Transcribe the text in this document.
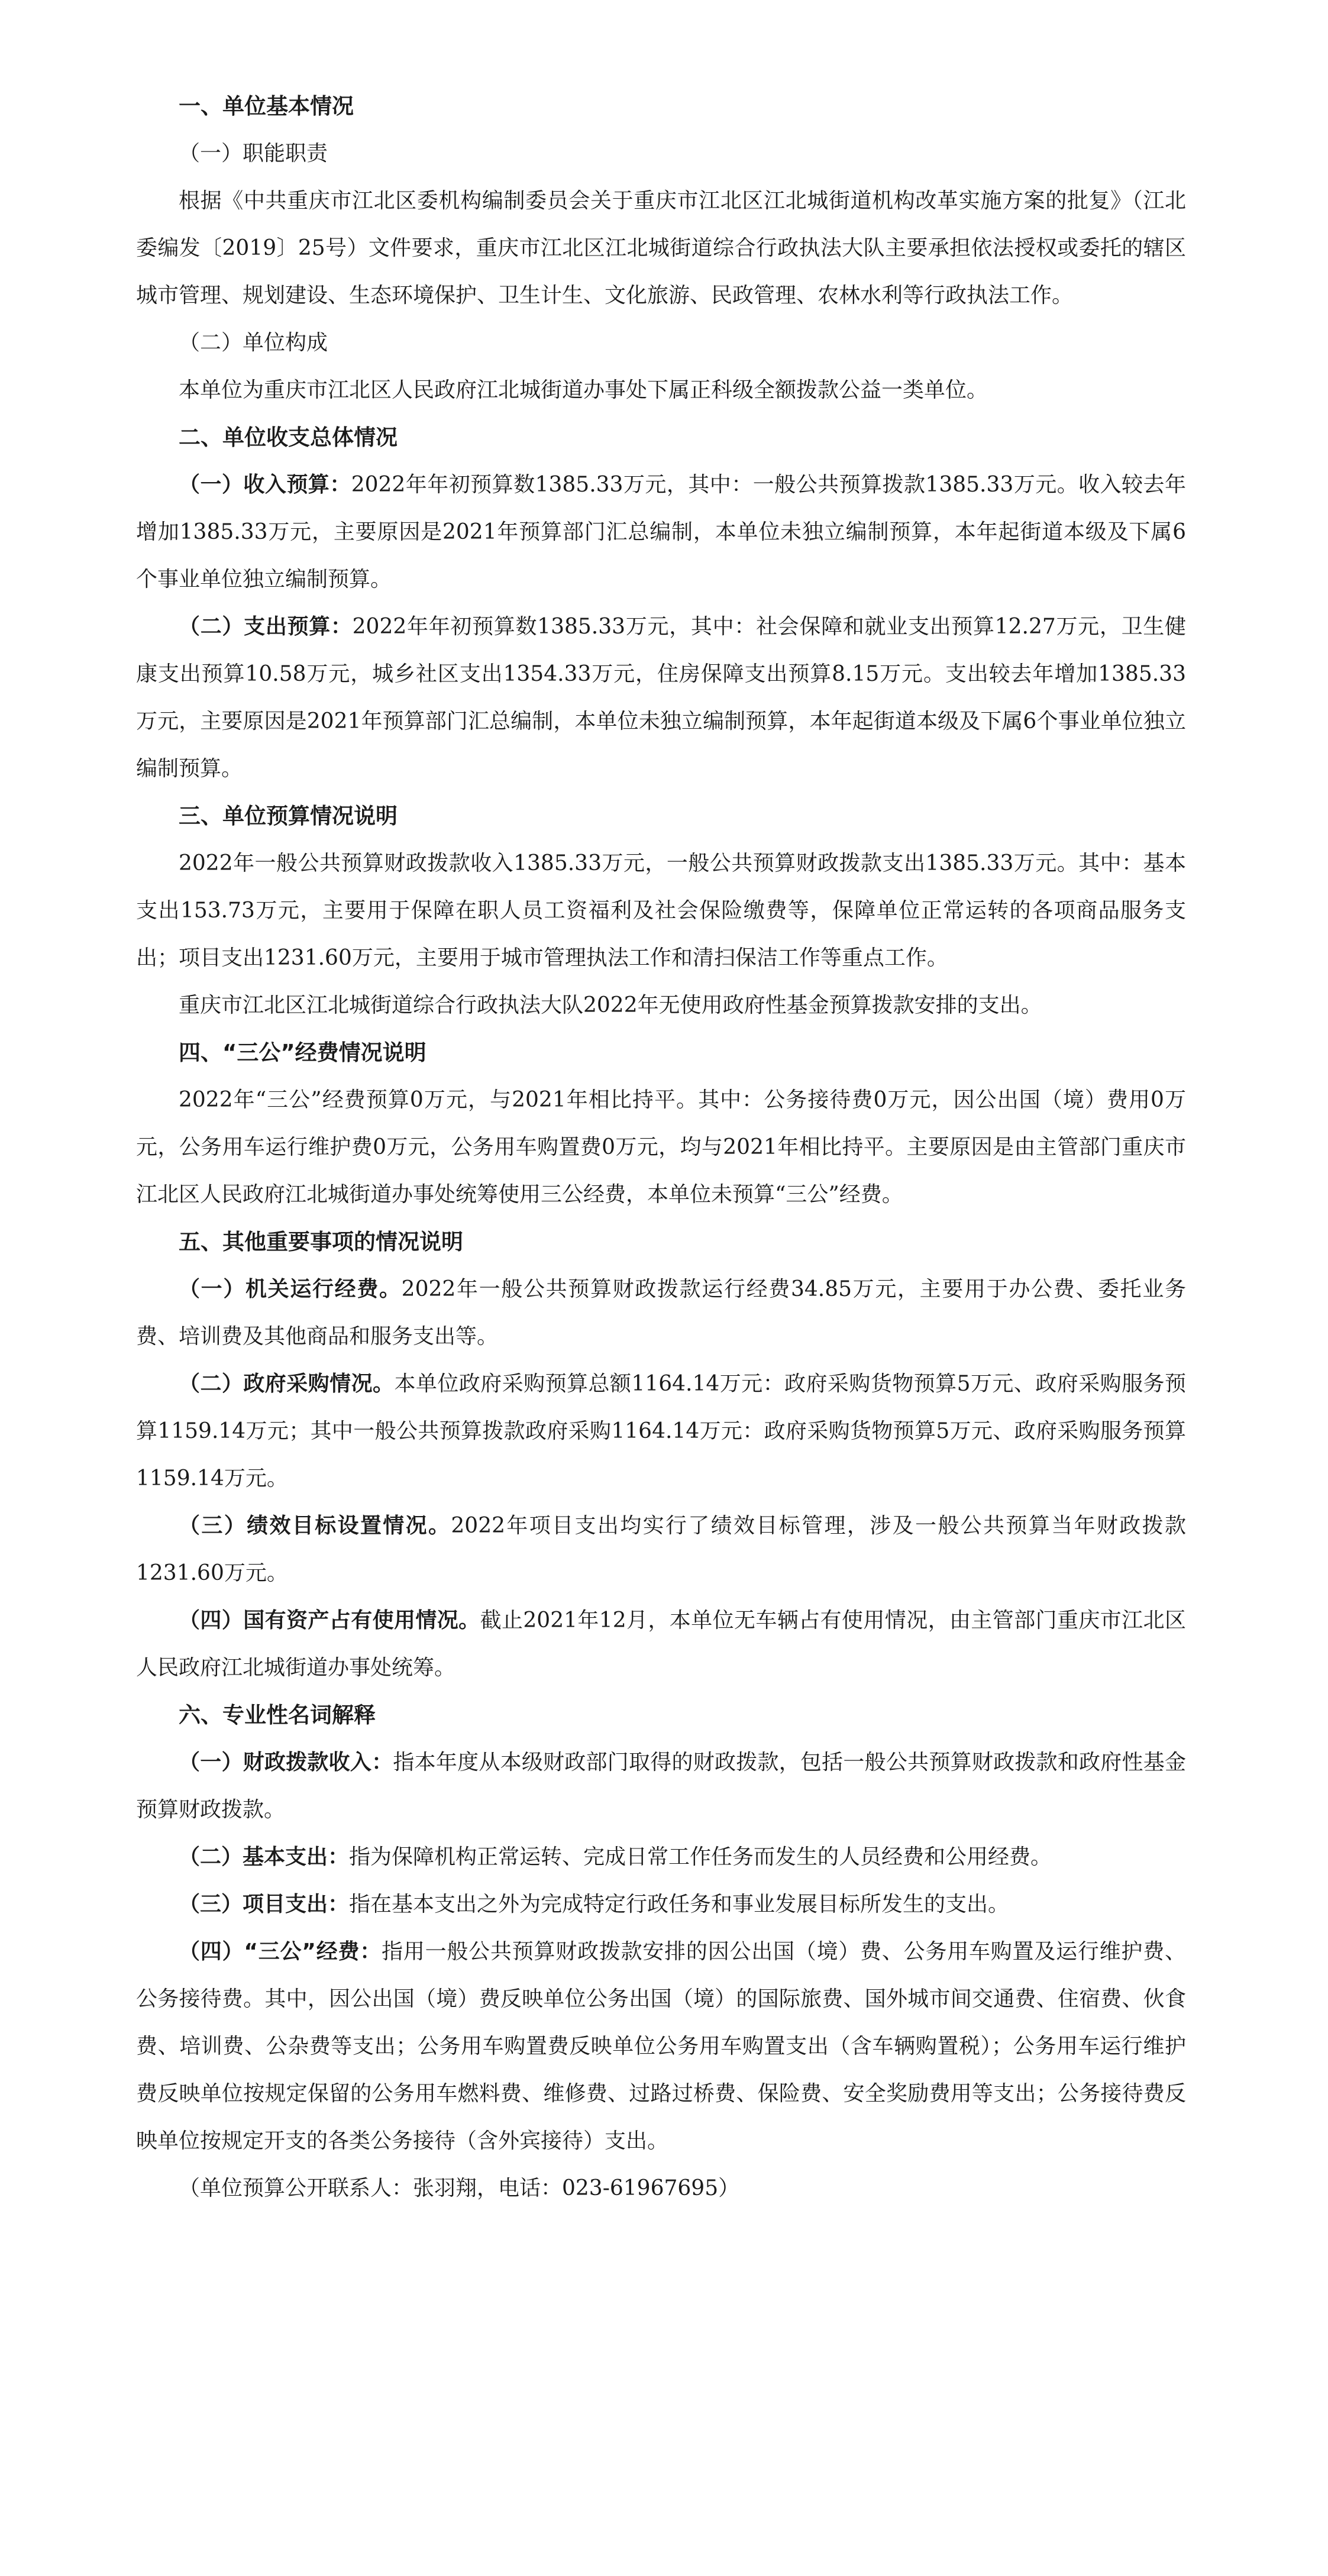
一、单位基本情况

（一）职能职责

根据《中共重庆市江北区委机构编制委员会关于重庆市江北区江北城街道机构改革实施方案的批复》（江北委编发〔2019〕25号）文件要求，重庆市江北区江北城街道综合行政执法大队主要承担依法授权或委托的辖区城市管理、规划建设、生态环境保护、卫生计生、文化旅游、民政管理、农林水利等行政执法工作。

（二）单位构成

本单位为重庆市江北区人民政府江北城街道办事处下属正科级全额拨款公益一类单位。

二、单位收支总体情况

（一）收入预算：2022年年初预算数1385.33万元，其中：一般公共预算拨款1385.33万元。收入较去年增加1385.33万元，主要原因是2021年预算部门汇总编制，本单位未独立编制预算，本年起街道本级及下属6个事业单位独立编制预算。

（二）支出预算：2022年年初预算数1385.33万元，其中：社会保障和就业支出预算12.27万元，卫生健康支出预算10.58万元，城乡社区支出1354.33万元，住房保障支出预算8.15万元。支出较去年增加1385.33万元，主要原因是2021年预算部门汇总编制，本单位未独立编制预算，本年起街道本级及下属6个事业单位独立编制预算。

三、单位预算情况说明

2022年一般公共预算财政拨款收入1385.33万元，一般公共预算财政拨款支出1385.33万元。其中：基本支出153.73万元，主要用于保障在职人员工资福利及社会保险缴费等，保障单位正常运转的各项商品服务支出；项目支出1231.60万元，主要用于城市管理执法工作和清扫保洁工作等重点工作。

重庆市江北区江北城街道综合行政执法大队2022年无使用政府性基金预算拨款安排的支出。

四、“三公”经费情况说明

2022年“三公”经费预算0万元，与2021年相比持平。其中：公务接待费0万元，因公出国（境）费用0万元，公务用车运行维护费0万元，公务用车购置费0万元，均与2021年相比持平。主要原因是由主管部门重庆市江北区人民政府江北城街道办事处统筹使用三公经费，本单位未预算“三公”经费。

五、其他重要事项的情况说明

（一）机关运行经费。2022年一般公共预算财政拨款运行经费34.85万元，主要用于办公费、委托业务费、培训费及其他商品和服务支出等。

（二）政府采购情况。本单位政府采购预算总额1164.14万元：政府采购货物预算5万元、政府采购服务预算1159.14万元；其中一般公共预算拨款政府采购1164.14万元：政府采购货物预算5万元、政府采购服务预算1159.14万元。

（三）绩效目标设置情况。2022年项目支出均实行了绩效目标管理，涉及一般公共预算当年财政拨款1231.60万元。

（四）国有资产占有使用情况。截止2021年12月，本单位无车辆占有使用情况，由主管部门重庆市江北区人民政府江北城街道办事处统筹。

六、专业性名词解释

（一）财政拨款收入：指本年度从本级财政部门取得的财政拨款，包括一般公共预算财政拨款和政府性基金预算财政拨款。

（二）基本支出：指为保障机构正常运转、完成日常工作任务而发生的人员经费和公用经费。

（三）项目支出：指在基本支出之外为完成特定行政任务和事业发展目标所发生的支出。

（四）“三公”经费：指用一般公共预算财政拨款安排的因公出国（境）费、公务用车购置及运行维护费、公务接待费。其中，因公出国（境）费反映单位公务出国（境）的国际旅费、国外城市间交通费、住宿费、伙食费、培训费、公杂费等支出；公务用车购置费反映单位公务用车购置支出（含车辆购置税）；公务用车运行维护费反映单位按规定保留的公务用车燃料费、维修费、过路过桥费、保险费、安全奖励费用等支出；公务接待费反映单位按规定开支的各类公务接待（含外宾接待）支出。

（单位预算公开联系人：张羽翔，电话：023-61967695）
